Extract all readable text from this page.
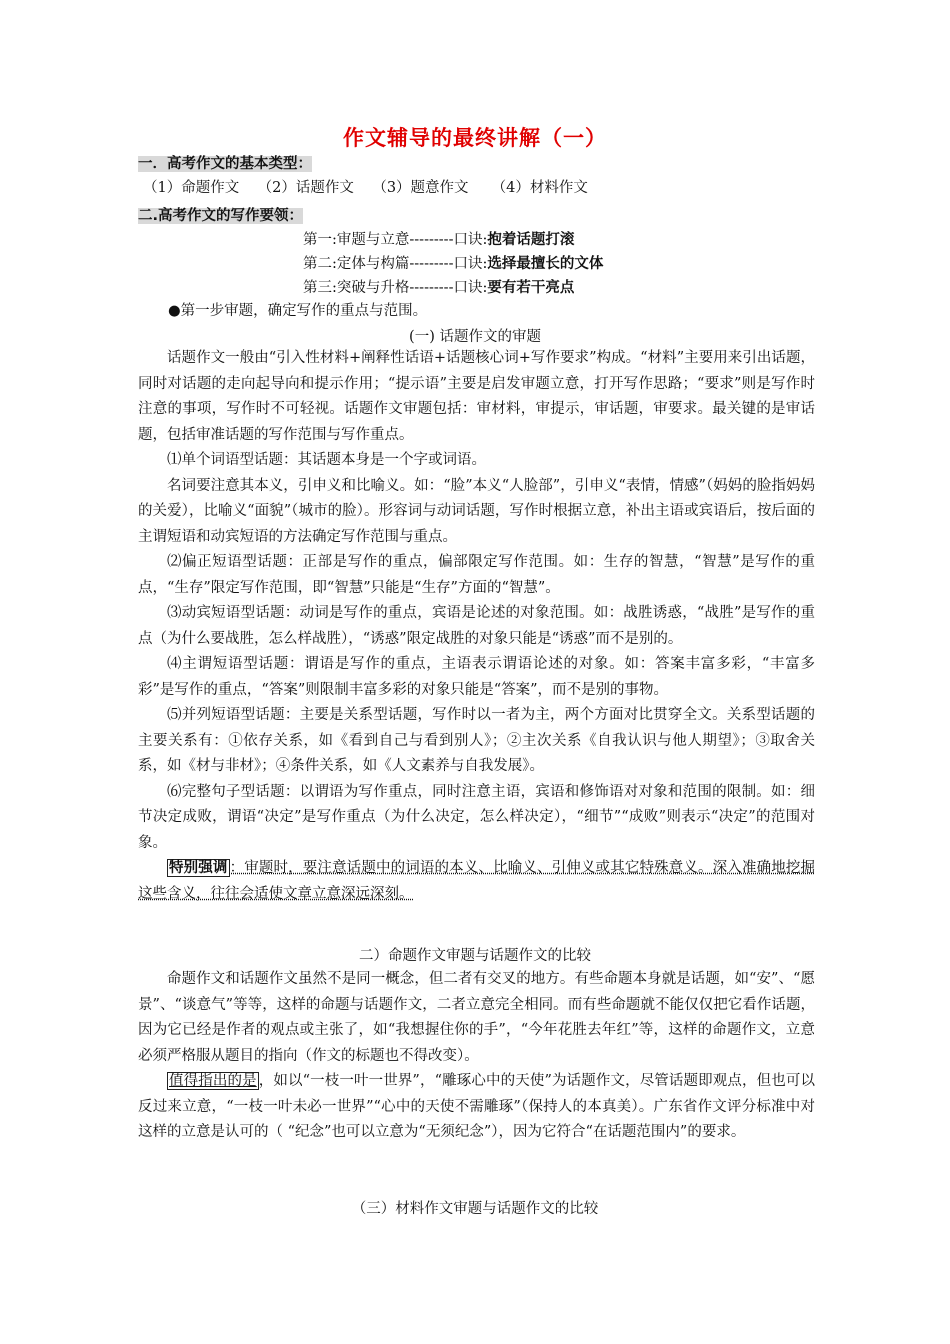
作文辅导的最终讲解（一）
一．高考作文的基本类型：
（1）命题作文    （2）话题作文    （3）题意作文     （4）材料作文
二.高考作文的写作要领：
第一:审题与立意---------口诀:抱着话题打滚
第二:定体与构篇---------口诀:选择最擅长的文体
第三:突破与升格---------口诀:要有若干亮点
●第一步审题，确定写作的重点与范围。
(一) 话题作文的审题

话题作文一般由“引入性材料+阐释性话语+话题核心词+写作要求”构成。“材料”主要用来引出话题，同时对话题的走向起导向和提示作用；“提示语”主要是启发审题立意，打开写作思路；“要求”则是写作时注意的事项，写作时不可轻视。话题作文审题包括：审材料，审提示，审话题，审要求。最关键的是审话题，包括审准话题的写作范围与写作重点。

⑴单个词语型话题：其话题本身是一个字或词语。

名词要注意其本义，引申义和比喻义。如：“脸”本义“人脸部”，引申义“表情，情感”（妈妈的脸指妈妈的关爱），比喻义“面貌”（城市的脸）。形容词与动词话题，写作时根据立意，补出主语或宾语后，按后面的主谓短语和动宾短语的方法确定写作范围与重点。

⑵偏正短语型话题：正部是写作的重点，偏部限定写作范围。如：生存的智慧，“智慧”是写作的重点，“生存”限定写作范围，即“智慧”只能是“生存”方面的“智慧”。

⑶动宾短语型话题：动词是写作的重点，宾语是论述的对象范围。如：战胜诱惑，“战胜”是写作的重点（为什么要战胜，怎么样战胜），“诱惑”限定战胜的对象只能是“诱惑”而不是别的。

⑷主谓短语型话题：谓语是写作的重点，主语表示谓语论述的对象。如：答案丰富多彩，“丰富多彩”是写作的重点，“答案”则限制丰富多彩的对象只能是“答案”，而不是别的事物。

⑸并列短语型话题：主要是关系型话题，写作时以一者为主，两个方面对比贯穿全文。关系型话题的主要关系有：①依存关系，如《看到自己与看到别人》；②主次关系《自我认识与他人期望》；③取舍关系，如《材与非材》；④条件关系，如《人文素养与自我发展》。

⑹完整句子型话题：以谓语为写作重点，同时注意主语，宾语和修饰语对对象和范围的限制。如：细节决定成败，谓语“决定”是写作重点（为什么决定，怎么样决定），“细节”“成败”则表示“决定”的范围对象。

特别强调 ：审题时，要注意话题中的词语的本义、比喻义、引伸义或其它特殊意义。深入准确地挖掘这些含义，往往会适使文章立意深远深刻。

二）命题作文审题与话题作文的比较

命题作文和话题作文虽然不是同一概念，但二者有交叉的地方。有些命题本身就是话题，如“安”、“愿景”、“谈意气”等等，这样的命题与话题作文，二者立意完全相同。而有些命题就不能仅仅把它看作话题，因为它已经是作者的观点或主张了，如“我想握住你的手”，“今年花胜去年红”等，这样的命题作文，立意必须严格服从题目的指向（作文的标题也不得改变）。

值得指出的是 ，如以“一枝一叶一世界”，“雕琢心中的天使”为话题作文，尽管话题即观点，但也可以反过来立意，“一枝一叶未必一世界”“心中的天使不需雕琢”（保持人的本真美）。广东省作文评分标准中对这样的立意是认可的（ “纪念”也可以立意为“无须纪念”），因为它符合“在话题范围内”的要求。

（三）材料作文审题与话题作文的比较
